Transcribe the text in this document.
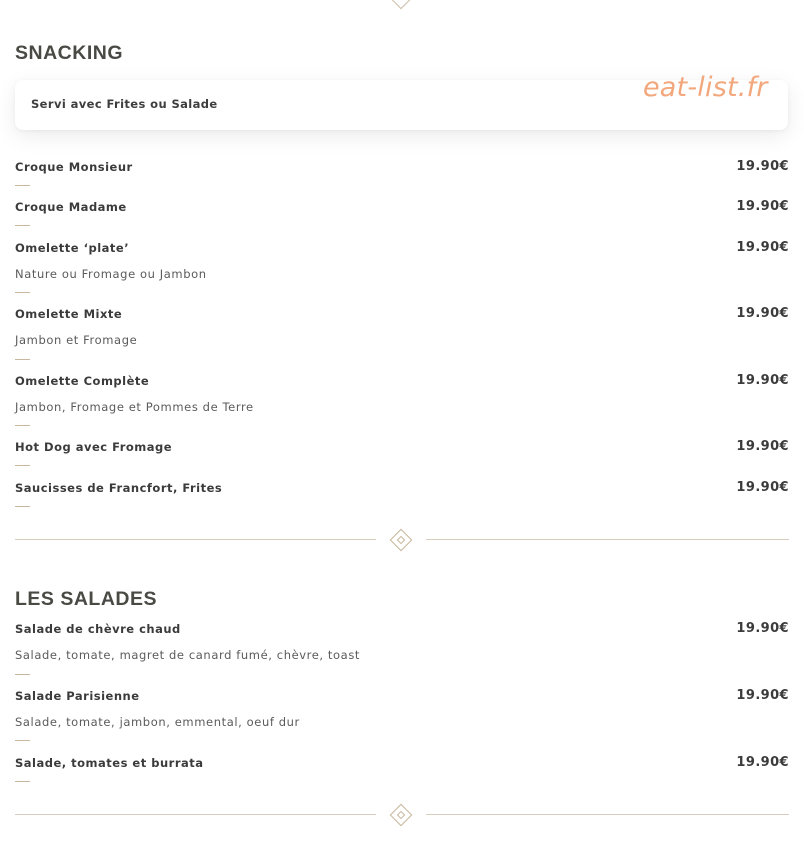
SNACKING
Servi avec Frites ou Salade
eat-list.fr
Croque Monsieur	19.90€
Croque Madame	19.90€
Omelette ‘plate’	19.90€
Nature ou Fromage ou Jambon
Omelette Mixte	19.90€
Jambon et Fromage
Omelette Complète	19.90€
Jambon, Fromage et Pommes de Terre
Hot Dog avec Fromage	19.90€
Saucisses de Francfort, Frites	19.90€
LES SALADES
Salade de chèvre chaud	19.90€
Salade, tomate, magret de canard fumé, chèvre, toast
Salade Parisienne	19.90€
Salade, tomate, jambon, emmental, oeuf dur
Salade, tomates et burrata	19.90€
